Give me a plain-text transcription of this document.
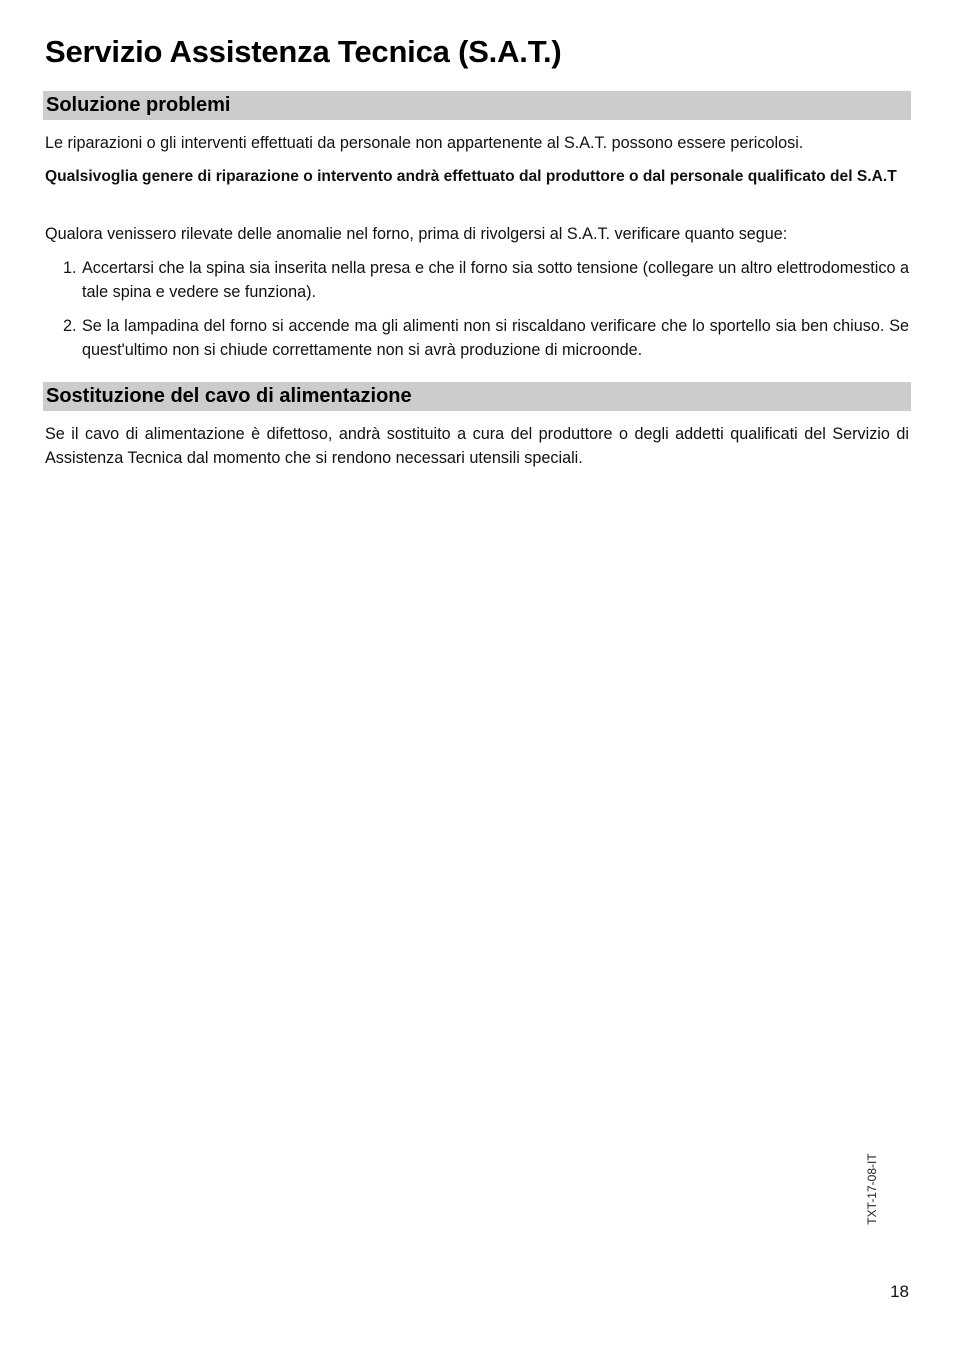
Servizio Assistenza Tecnica (S.A.T.)
Soluzione problemi

Le riparazioni o gli interventi effettuati da personale non appartenente al S.A.T. possono essere pericolosi.

Qualsivoglia genere di riparazione o intervento andrà effettuato dal produttore o dal personale qualificato del S.A.T

Qualora venissero rilevate delle anomalie nel forno, prima di rivolgersi al S.A.T. verificare quanto segue:

1. Accertarsi che la spina sia inserita nella presa e che il forno sia sotto tensione (collegare un altro elettrodomestico a tale spina e vedere se funziona).
2. Se la lampadina del forno si accende ma gli alimenti non si riscaldano verificare che lo sportello sia ben chiuso. Se quest'ultimo non si chiude correttamente non si avrà produzione di microonde.
Sostituzione del cavo di alimentazione

Se il cavo di alimentazione è difettoso, andrà sostituito a cura del produttore o degli addetti qualificati del Servizio di Assistenza Tecnica dal momento che si rendono necessari utensili speciali.

TXT-17-08-IT
18
